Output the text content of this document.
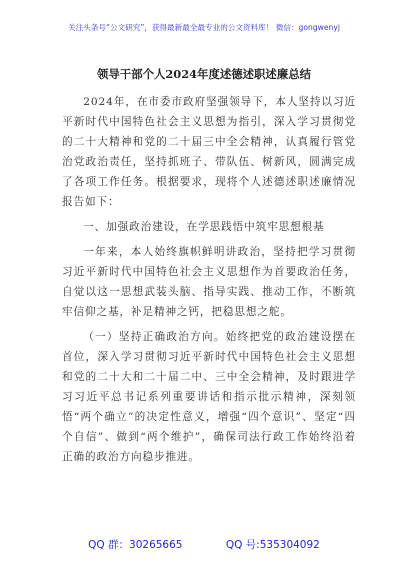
关注头条号“公文研究”，获得最新最全最专业的公文资料库！ 微信：gongwenyj
领导干部个人2024年度述德述职述廉总结

2024年，在市委市政府坚强领导下，本人坚持以习近平新时代中国特色社会主义思想为指引，深入学习贯彻党的二十大精神和党的二十届三中全会精神，认真履行管党治党政治责任，坚持抓班子、带队伍、树新风，圆满完成了各项工作任务。根据要求，现将个人述德述职述廉情况报告如下：

一、加强政治建设，在学思践悟中筑牢思想根基

一年来，本人始终旗帜鲜明讲政治，坚持把学习贯彻习近平新时代中国特色社会主义思想作为首要政治任务，自觉以这一思想武装头脑、指导实践、推动工作，不断筑牢信仰之基，补足精神之钙，把稳思想之舵。

（一）坚持正确政治方向。始终把党的政治建设摆在首位，深入学习贯彻习近平新时代中国特色社会主义思想和党的二十大和二十届二中、三中全会精神，及时跟进学习习近平总书记系列重要讲话和指示批示精神，深刻领悟“两个确立”的决定性意义，增强“四个意识”、坚定“四个自信”、做到“两个维护”，确保司法行政工作始终沿着正确的政治方向稳步推进。

QQ 群：30265665	QQ 号:535304092
